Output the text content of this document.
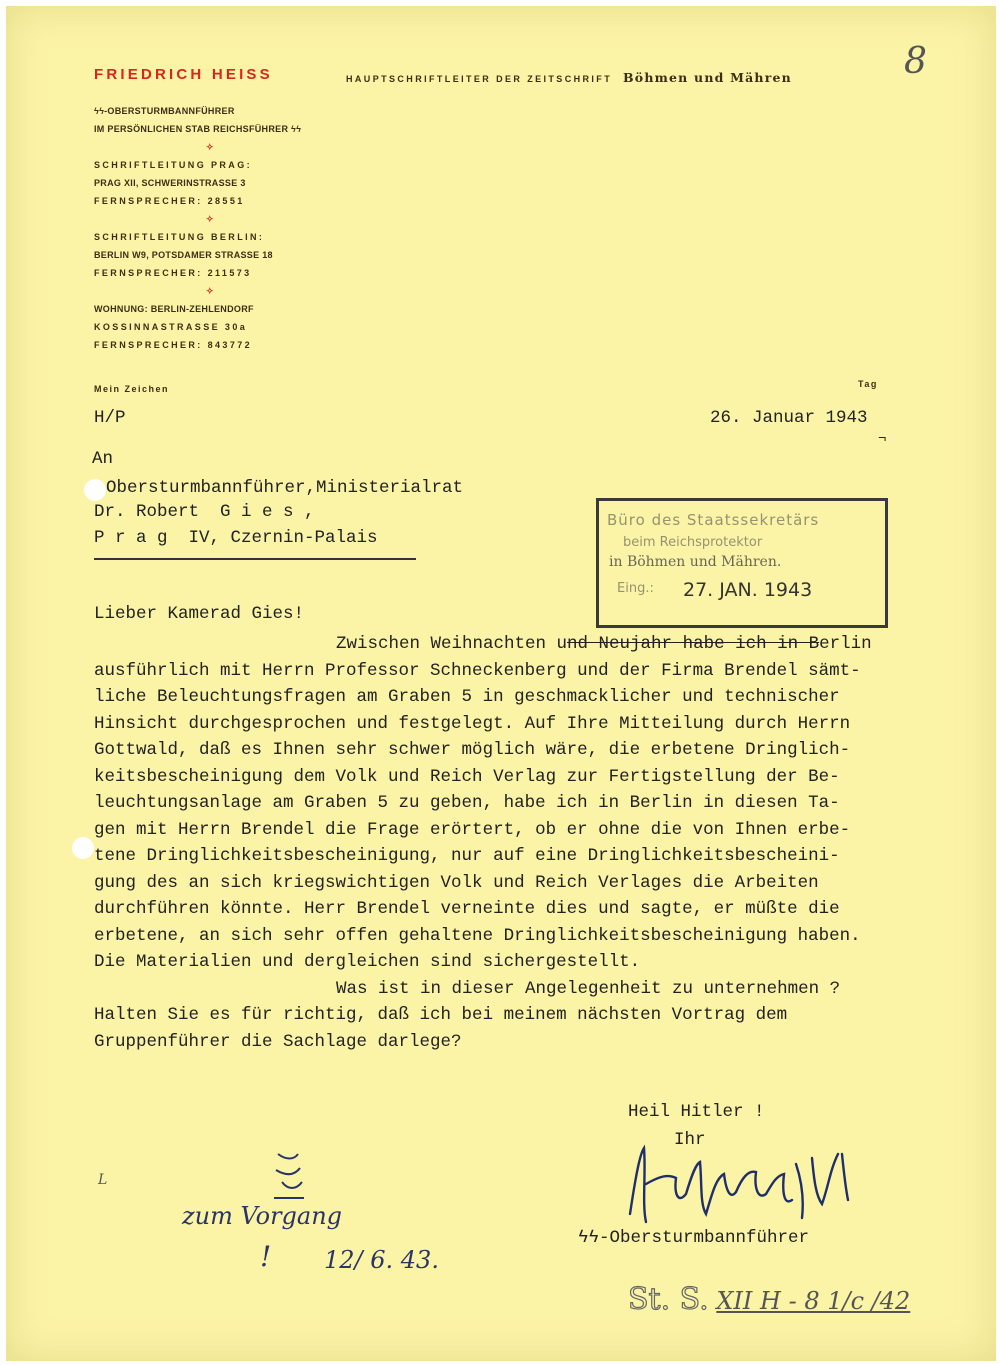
FRIEDRICH HEISS	HAUPTSCHRIFTLEITER DER ZEITSCHRIFT Böhmen und Mähren	8
ϟϟ-OBERSTURMBANNFÜHRER
IM PERSÖNLICHEN STAB REICHSFÜHRER ϟϟ
✧
SCHRIFTLEITUNG PRAG:
PRAG XII, SCHWERINSTRASSE 3
FERNSPRECHER: 28551
✧
SCHRIFTLEITUNG BERLIN:
BERLIN W9, POTSDAMER STRASSE 18
FERNSPRECHER: 211573
✧
WOHNUNG: BERLIN-ZEHLENDORF
KOSSINNASTRASSE 30a
FERNSPRECHER: 843772
Mein Zeichen	Tag
H/P	26. Januar 1943
¬
An
Obersturmbannführer,Ministerialrat
Dr. Robert  G i e s ,
P r a g  IV, Czernin-Palais
Büro des Staatssekretärs
beim Reichsprotektor
in Böhmen und Mähren.
Eing.: 27. JAN. 1943
Lieber Kamerad Gies!
Zwischen Weihnachten und Neujahr habe ich in Berlin
ausführlich mit Herrn Professor Schneckenberg und der Firma Brendel sämt-
liche Beleuchtungsfragen am Graben 5 in geschmacklicher und technischer
Hinsicht durchgesprochen und festgelegt. Auf Ihre Mitteilung durch Herrn
Gottwald, daß es Ihnen sehr schwer möglich wäre, die erbetene Dringlich-
keitsbescheinigung dem Volk und Reich Verlag zur Fertigstellung der Be-
leuchtungsanlage am Graben 5 zu geben, habe ich in Berlin in diesen Ta-
gen mit Herrn Brendel die Frage erörtert, ob er ohne die von Ihnen erbe-
tene Dringlichkeitsbescheinigung, nur auf eine Dringlichkeitsbescheini-
gung des an sich kriegswichtigen Volk und Reich Verlages die Arbeiten
durchführen könnte. Herr Brendel verneinte dies und sagte, er müßte die
erbetene, an sich sehr offen gehaltene Dringlichkeitsbescheinigung haben.
Die Materialien und dergleichen sind sichergestellt.
Was ist in dieser Angelegenheit zu unternehmen ?
Halten Sie es für richtig, daß ich bei meinem nächsten Vortrag dem
Gruppenführer die Sachlage darlege?
Heil Hitler !
Ihr
ϟϟ-Obersturmbannführer
zum Vorgang
! 12/ 6. 43.
L
St. S. XII H - 8 1/c /42
